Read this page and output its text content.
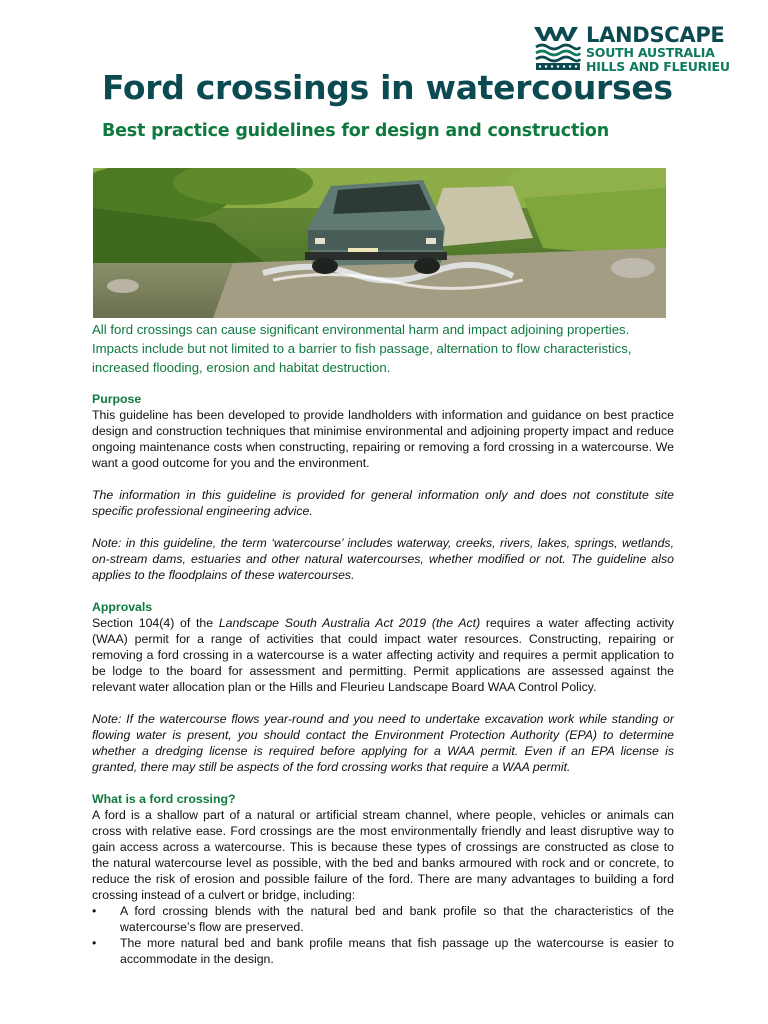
LANDSCAPE
SOUTH AUSTRALIA
HILLS AND FLEURIEU
Ford crossings in watercourses
Best practice guidelines for design and construction

All ford crossings can cause significant environmental harm and impact adjoining properties. Impacts include but not limited to a barrier to fish passage, alternation to flow characteristics, increased flooding, erosion and habitat destruction.

Purpose

This guideline has been developed to provide landholders with information and guidance on best practice design and construction techniques that minimise environmental and adjoining property impact and reduce ongoing maintenance costs when constructing, repairing or removing a ford crossing in a watercourse. We want a good outcome for you and the environment.

The information in this guideline is provided for general information only and does not constitute site specific professional engineering advice.

Note: in this guideline, the term ‘watercourse’ includes waterway, creeks, rivers, lakes, springs, wetlands, on-stream dams, estuaries and other natural watercourses, whether modified or not. The guideline also applies to the floodplains of these watercourses.

Approvals

Section 104(4) of the Landscape South Australia Act 2019 (the Act) requires a water affecting activity (WAA) permit for a range of activities that could impact water resources. Constructing, repairing or removing a ford crossing in a watercourse is a water affecting activity and requires a permit application to be lodge to the board for assessment and permitting. Permit applications are assessed against the relevant water allocation plan or the Hills and Fleurieu Landscape Board WAA Control Policy.

Note: If the watercourse flows year-round and you need to undertake excavation work while standing or flowing water is present, you should contact the Environment Protection Authority (EPA) to determine whether a dredging license is required before applying for a WAA permit. Even if an EPA license is granted, there may still be aspects of the ford crossing works that require a WAA permit.

What is a ford crossing?

A ford is a shallow part of a natural or artificial stream channel, where people, vehicles or animals can cross with relative ease. Ford crossings are the most environmentally friendly and least disruptive way to gain access across a watercourse. This is because these types of crossings are constructed as close to the natural watercourse level as possible, with the bed and banks armoured with rock and or concrete, to reduce the risk of erosion and possible failure of the ford. There are many advantages to building a ford crossing instead of a culvert or bridge, including:

• A ford crossing blends with the natural bed and bank profile so that the characteristics of the watercourse’s flow are preserved.
• The more natural bed and bank profile means that fish passage up the watercourse is easier to accommodate in the design.
